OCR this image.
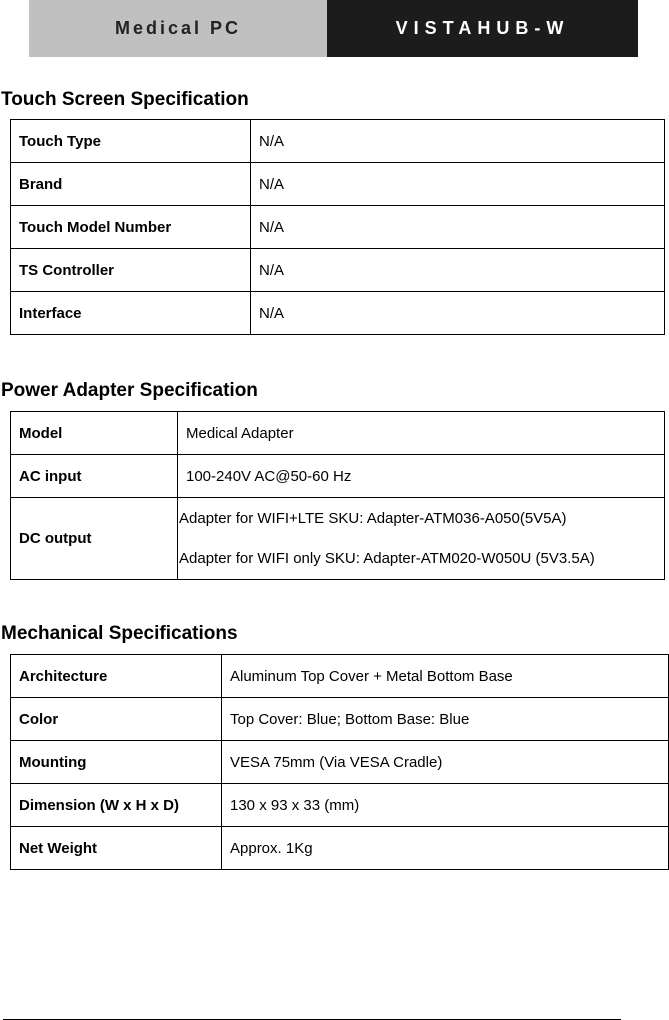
Medical PC	VISTAHUB-W
Touch Screen Specification
Touch Type	N/A
Brand	N/A
Touch Model Number	N/A
TS Controller	N/A
Interface	N/A
Power Adapter Specification
Model	Medical Adapter
AC input	100-240V AC@50-60 Hz
DC output	Adapter for WIFI+LTE SKU: Adapter-ATM036-A050(5V5A)
Adapter for WIFI only SKU: Adapter-ATM020-W050U (5V3.5A)
Mechanical Specifications
Architecture	Aluminum Top Cover + Metal Bottom Base
Color	Top Cover: Blue; Bottom Base: Blue
Mounting	VESA 75mm (Via VESA Cradle)
Dimension (W x H x D)	130 x 93 x 33 (mm)
Net Weight	Approx. 1Kg
